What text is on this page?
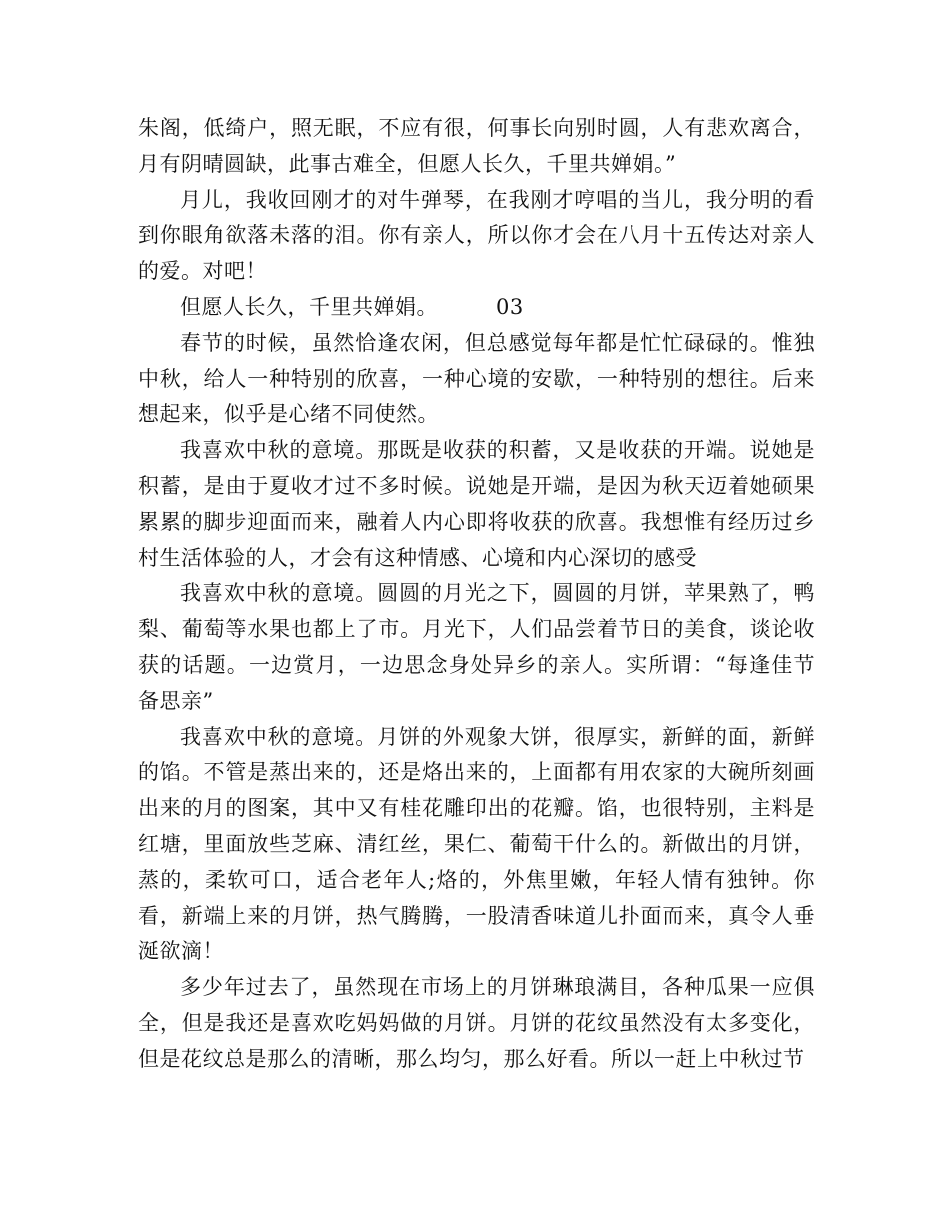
朱阁，低绮户，照无眠，不应有很，何事长向别时圆，人有悲欢离合，月有阴晴圆缺，此事古难全，但愿人长久，千里共婵娟。”

月儿，我收回刚才的对牛弹琴，在我刚才哼唱的当儿，我分明的看到你眼角欲落未落的泪。你有亲人，所以你才会在八月十五传达对亲人的爱。对吧！

但愿人长久，千里共婵娟。	03

春节的时候，虽然恰逢农闲，但总感觉每年都是忙忙碌碌的。惟独中秋，给人一种特别的欣喜，一种心境的安歇，一种特别的想往。后来想起来，似乎是心绪不同使然。

我喜欢中秋的意境。那既是收获的积蓄，又是收获的开端。说她是积蓄，是由于夏收才过不多时候。说她是开端，是因为秋天迈着她硕果累累的脚步迎面而来，融着人内心即将收获的欣喜。我想惟有经历过乡村生活体验的人，才会有这种情感、心境和内心深切的感受

我喜欢中秋的意境。圆圆的月光之下，圆圆的月饼，苹果熟了，鸭梨、葡萄等水果也都上了市。月光下，人们品尝着节日的美食，谈论收获的话题。一边赏月，一边思念身处异乡的亲人。实所谓：“每逢佳节备思亲”

我喜欢中秋的意境。月饼的外观象大饼，很厚实，新鲜的面，新鲜的馅。不管是蒸出来的，还是烙出来的，上面都有用农家的大碗所刻画出来的月的图案，其中又有桂花雕印出的花瓣。馅，也很特别，主料是红塘，里面放些芝麻、清红丝，果仁、葡萄干什么的。新做出的月饼，蒸的，柔软可口，适合老年人;烙的，外焦里嫩，年轻人情有独钟。你看，新端上来的月饼，热气腾腾，一股清香味道儿扑面而来，真令人垂涎欲滴！

多少年过去了，虽然现在市场上的月饼琳琅满目，各种瓜果一应俱全，但是我还是喜欢吃妈妈做的月饼。月饼的花纹虽然没有太多变化，但是花纹总是那么的清晰，那么均匀，那么好看。所以一赶上中秋过节
